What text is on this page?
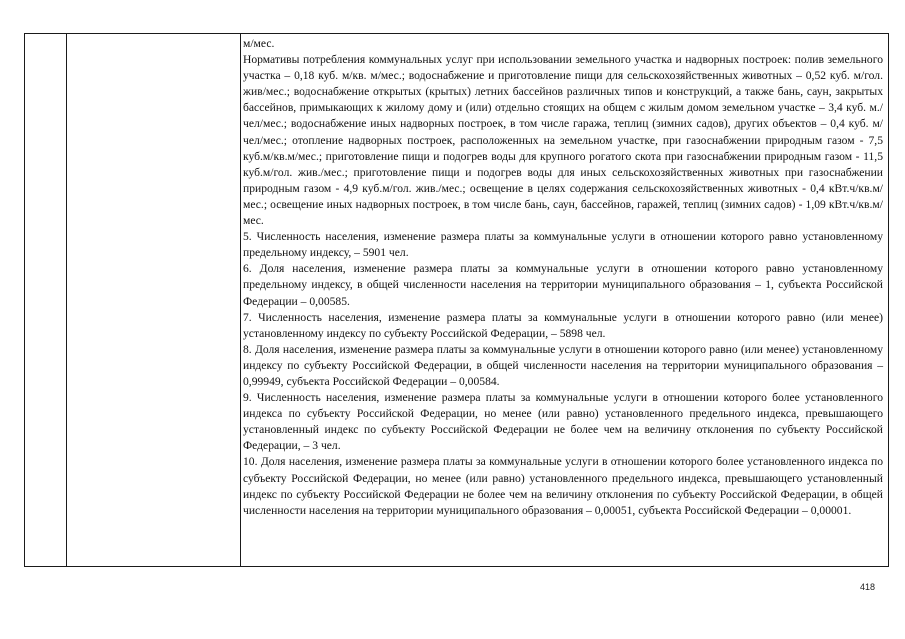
м/мес.

Нормативы потребления коммунальных услуг при использовании земельного участка и надворных построек: полив земельного участка – 0,18 куб. м/кв. м/мес.; водоснабжение и приготовление пищи для сельскохозяйственных животных – 0,52 куб. м/гол. жив/мес.; водоснабжение открытых (крытых) летних бассейнов различных типов и конструкций, а также бань, саун, закрытых бассейнов, примыкающих к жилому дому и (или) отдельно стоящих на общем с жилым домом земельном участке – 3,4 куб. м./чел/мес.; водоснабжение иных надворных построек, в том числе гаража, теплиц (зимних садов), других объектов – 0,4 куб. м/чел/мес.; отопление надворных построек, расположенных на земельном участке, при газоснабжении природным газом - 7,5 куб.м/кв.м/мес.; приготовление пищи и подогрев воды для крупного рогатого скота при газоснабжении природным газом - 11,5 куб.м/гол. жив./мес.; приготовление пищи и подогрев воды для иных сельскохозяйственных животных при газоснабжении природным газом - 4,9 куб.м/гол. жив./мес.; освещение в целях содержания сельскохозяйственных животных - 0,4 кВт.ч/кв.м/мес.; освещение иных надворных построек, в том числе бань, саун, бассейнов, гаражей, теплиц (зимних садов) - 1,09 кВт.ч/кв.м/мес.

5. Численность населения, изменение размера платы за коммунальные услуги в отношении которого равно установленному предельному индексу, – 5901 чел.

6. Доля населения, изменение размера платы за коммунальные услуги в отношении которого равно установленному предельному индексу, в общей численности населения на территории муниципального образования – 1, субъекта Российской Федерации – 0,00585.

7. Численность населения, изменение размера платы за коммунальные услуги в отношении которого равно (или менее) установленному индексу по субъекту Российской Федерации, – 5898 чел.

8. Доля населения, изменение размера платы за коммунальные услуги в отношении которого равно (или менее) установленному индексу по субъекту Российской Федерации, в общей численности населения на территории муниципального образования – 0,99949, субъекта Российской Федерации – 0,00584.

9. Численность населения, изменение размера платы за коммунальные услуги в отношении которого более установленного индекса по субъекту Российской Федерации, но менее (или равно) установленного предельного индекса, превышающего установленный индекс по субъекту Российской Федерации не более чем на величину отклонения по субъекту Российской Федерации, – 3 чел.

10. Доля населения, изменение размера платы за коммунальные услуги в отношении которого более установленного индекса по субъекту Российской Федерации, но менее (или равно) установленного предельного индекса, превышающего установленный индекс по субъекту Российской Федерации не более чем на величину отклонения по субъекту Российской Федерации, в общей численности населения на территории муниципального образования – 0,00051, субъекта Российской Федерации – 0,00001.

418
